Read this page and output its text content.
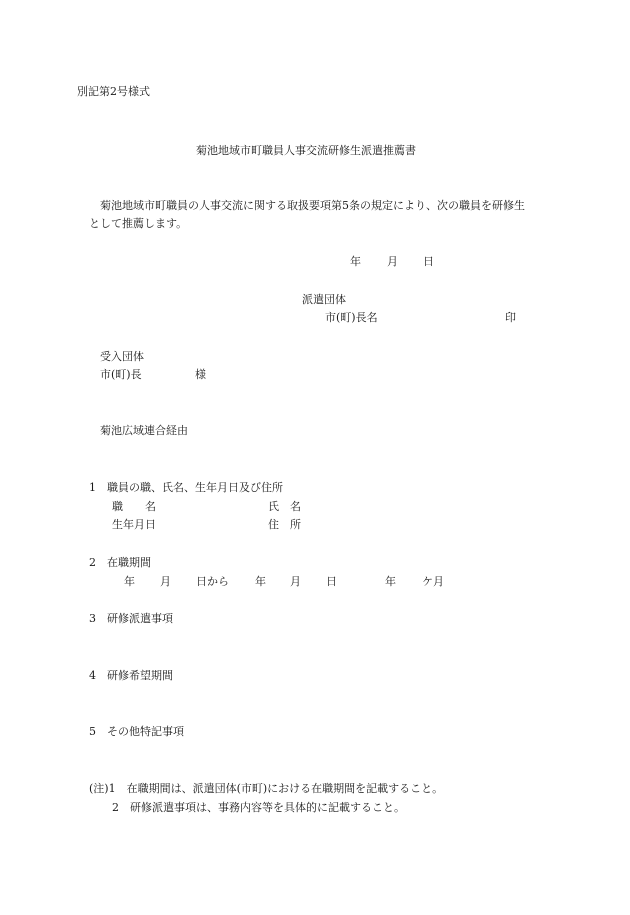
別記第2号様式
菊池地域市町職員人事交流研修生派遣推薦書
菊池地域市町職員の人事交流に関する取扱要項第5条の規定により、次の職員を研修生
として推薦します。
年 月 日
派遣団体
市(町)長名	印
受入団体
市(町)長	様
菊池広域連合経由
1　職員の職、氏名、生年月日及び住所
職　　名	氏　名
生年月日	住　所
2　在職期間
年 月 日から 年 月 日	年 ケ月
3　研修派遣事項
4　研修希望期間
5　その他特記事項
(注)1　在職期間は、派遣団体(市町)における在職期間を記載すること。
2　研修派遣事項は、事務内容等を具体的に記載すること。
